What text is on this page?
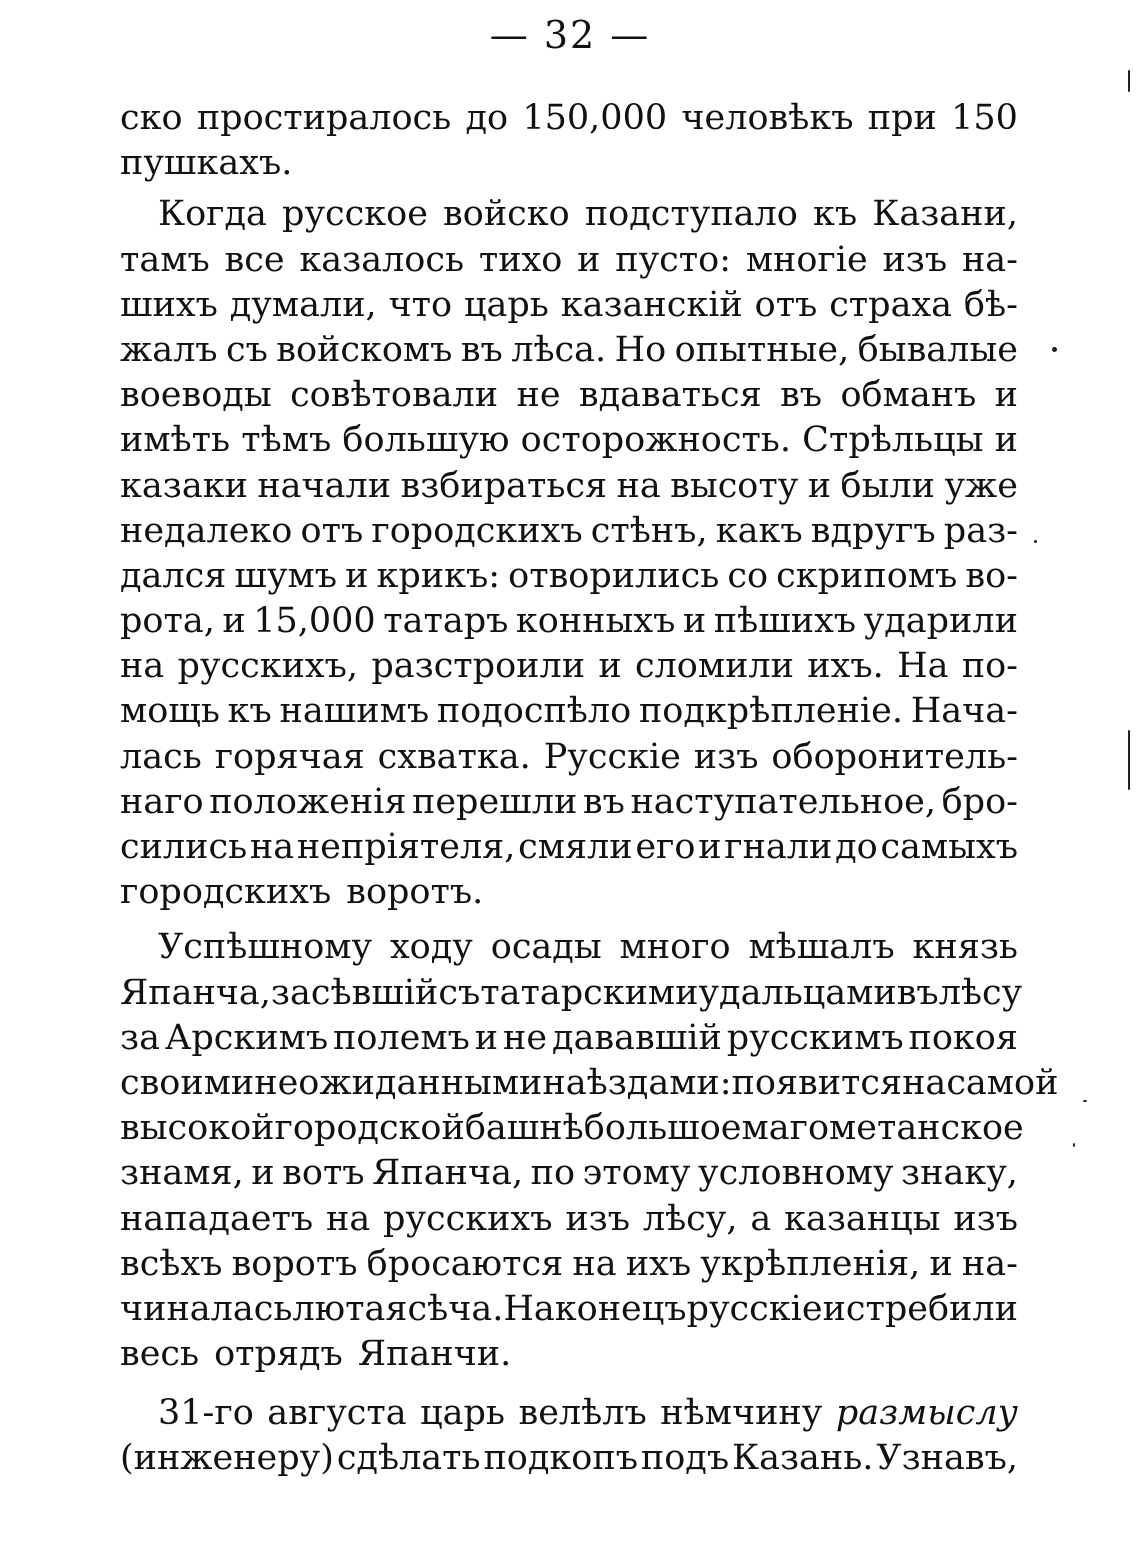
— 32 —
ско простиралось до 150,000 человѣкъ при 150
пушкахъ.
Когда русское войско подступало къ Казани,
тамъ все казалось тихо и пусто: многіе изъ на-
шихъ думали, что царь казанскій отъ страха бѣ-
жалъ съ войскомъ въ лѣса. Но опытные, бывалые
воеводы совѣтовали не вдаваться въ обманъ и
имѣть тѣмъ большую осторожность. Стрѣльцы и
казаки начали взбираться на высоту и были уже
недалеко отъ городскихъ стѣнъ, какъ вдругъ раз-
дался шумъ и крикъ: отворились со скрипомъ во-
рота, и 15,000 татаръ конныхъ и пѣшихъ ударили
на русскихъ, разстроили и сломили ихъ. На по-
мощь къ нашимъ подоспѣло подкрѣпленіе. Нача-
лась горячая схватка. Русскіе изъ оборонитель-
наго положенія перешли въ наступательное, бро-
сились на непріятеля, смяли его и гнали до самыхъ
городскихъ воротъ.
Успѣшному ходу осады много мѣшалъ князь
Япанча, засѣвшій съ татарскими удальцами въ лѣсу
за Арскимъ полемъ и не дававшій русскимъ покоя
своими неожиданными наѣздами: появится на самой
высокой городской башнѣ большое магометанское
знамя, и вотъ Япанча, по этому условному знаку,
нападаетъ на русскихъ изъ лѣсу, а казанцы изъ
всѣхъ воротъ бросаются на ихъ укрѣпленія, и на-
чиналась лютая сѣча. Наконецъ русскіе истребили
весь отрядъ Япанчи.
31-го августа царь велѣлъ нѣмчину размыслу
(инженеру) сдѣлать подкопъ подъ Казань. Узнавъ,
